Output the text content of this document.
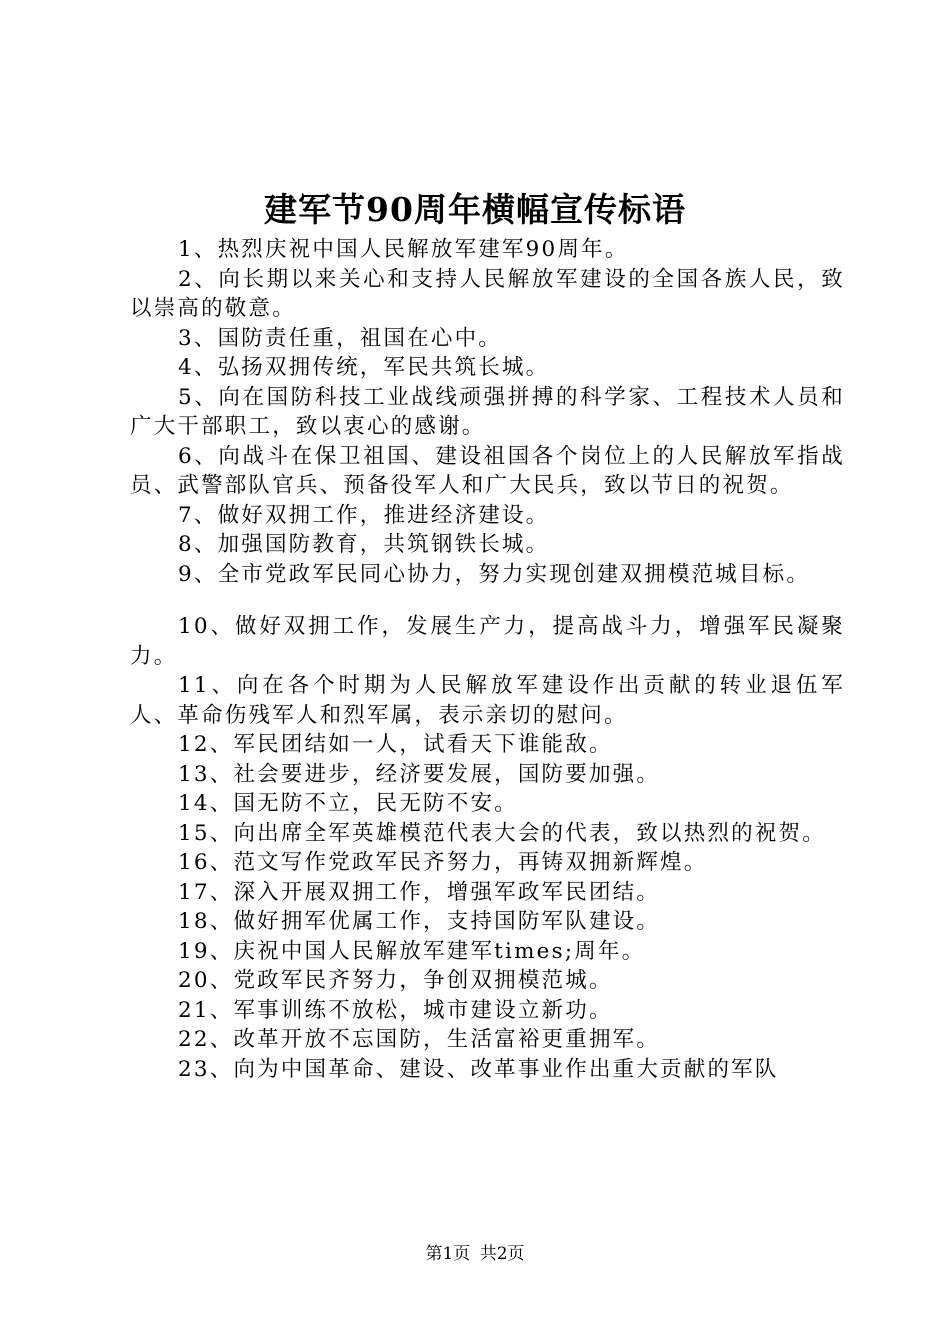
建军节90周年横幅宣传标语

1、热烈庆祝中国人民解放军建军90周年。

2、向长期以来关心和支持人民解放军建设的全国各族人民，致以崇高的敬意。

3、国防责任重，祖国在心中。

4、弘扬双拥传统，军民共筑长城。

5、向在国防科技工业战线顽强拼搏的科学家、工程技术人员和广大干部职工，致以衷心的感谢。

6、向战斗在保卫祖国、建设祖国各个岗位上的人民解放军指战员、武警部队官兵、预备役军人和广大民兵，致以节日的祝贺。

7、做好双拥工作，推进经济建设。

8、加强国防教育，共筑钢铁长城。

9、全市党政军民同心协力，努力实现创建双拥模范城目标。

10、做好双拥工作，发展生产力，提高战斗力，增强军民凝聚力。

11、向在各个时期为人民解放军建设作出贡献的转业退伍军人、革命伤残军人和烈军属，表示亲切的慰问。

12、军民团结如一人，试看天下谁能敌。

13、社会要进步，经济要发展，国防要加强。

14、国无防不立，民无防不安。

15、向出席全军英雄模范代表大会的代表，致以热烈的祝贺。

16、范文写作党政军民齐努力，再铸双拥新辉煌。

17、深入开展双拥工作，增强军政军民团结。

18、做好拥军优属工作，支持国防军队建设。

19、庆祝中国人民解放军建军times;周年。

20、党政军民齐努力，争创双拥模范城。

21、军事训练不放松，城市建设立新功。

22、改革开放不忘国防，生活富裕更重拥军。

23、向为中国革命、建设、改革事业作出重大贡献的军队

第1页 共2页
